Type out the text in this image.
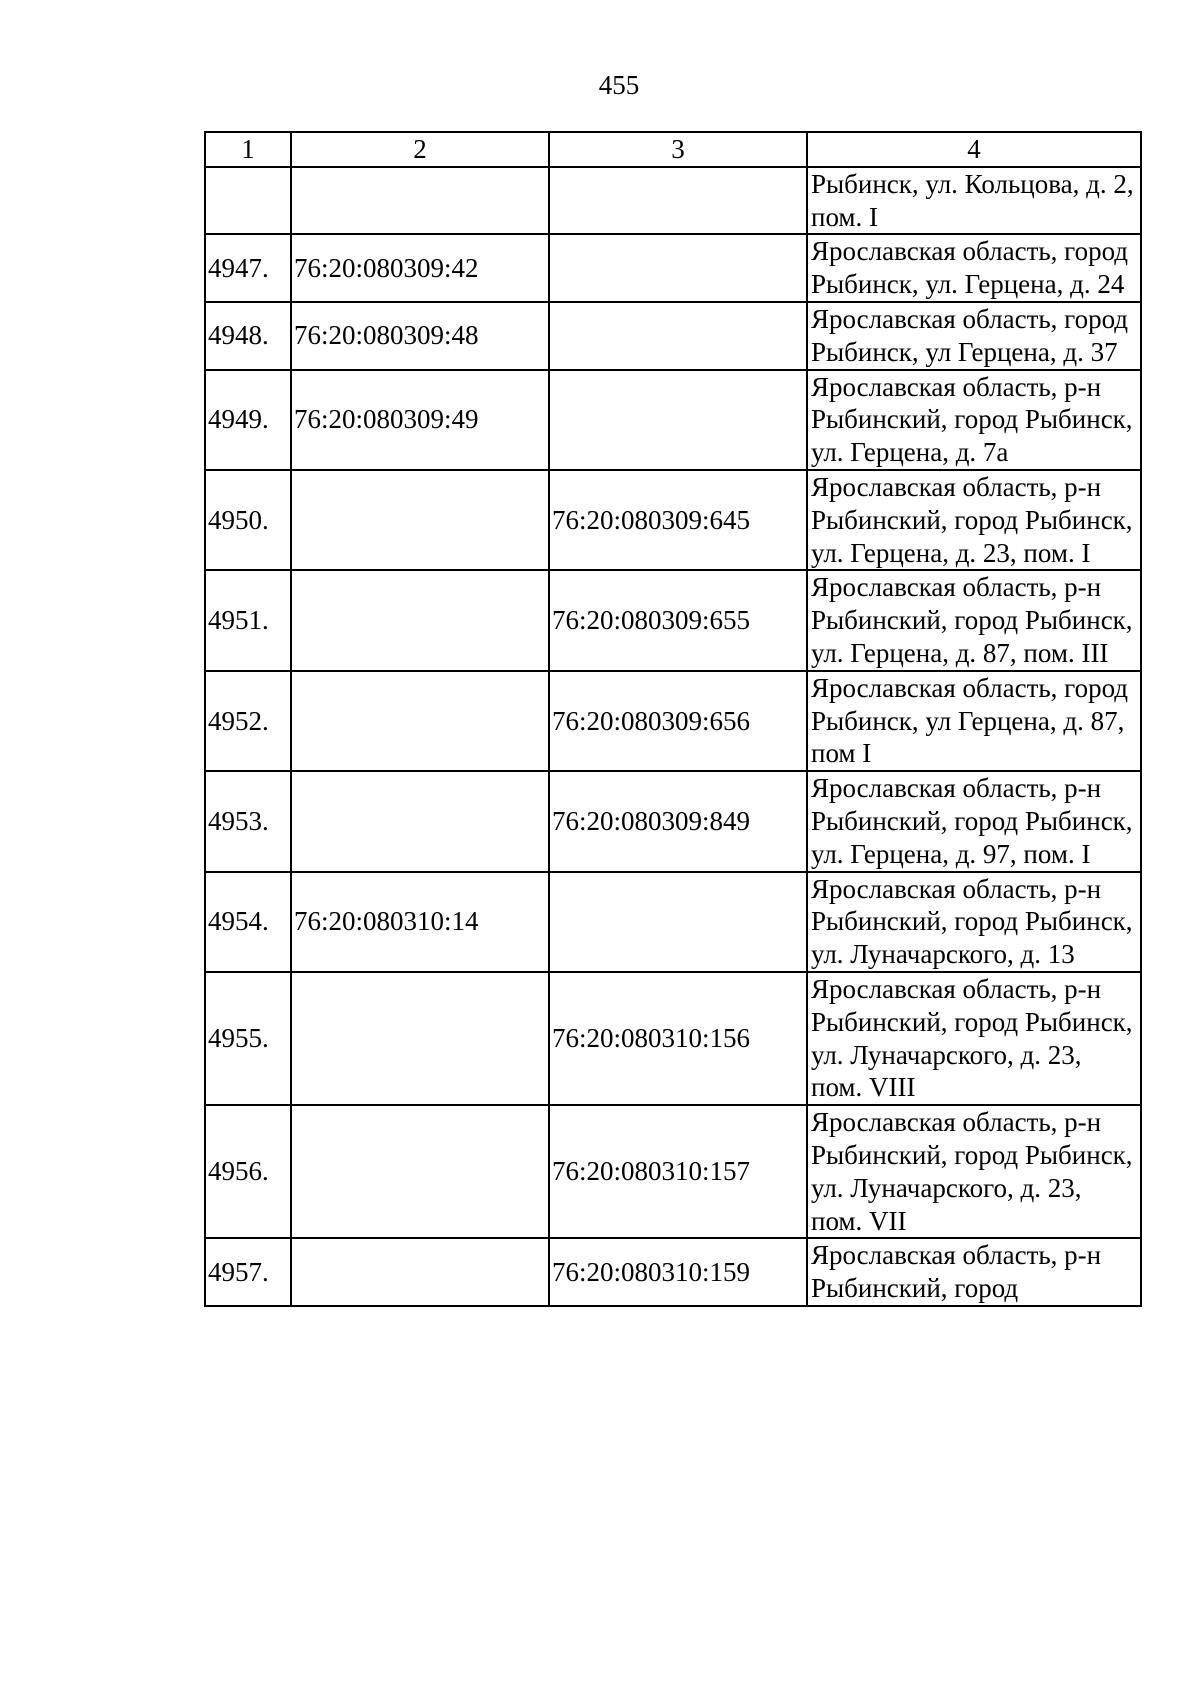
455
1	2	3	4
			Рыбинск, ул. Кольцова, д. 2, пом. I
4947.	76:20:080309:42		Ярославская область, город Рыбинск, ул. Герцена, д. 24
4948.	76:20:080309:48		Ярославская область, город Рыбинск, ул Герцена, д. 37
4949.	76:20:080309:49		Ярославская область, р-н Рыбинский, город Рыбинск, ул. Герцена, д. 7а
4950.		76:20:080309:645	Ярославская область, р-н Рыбинский, город Рыбинск, ул. Герцена, д. 23, пом. I
4951.		76:20:080309:655	Ярославская область, р-н Рыбинский, город Рыбинск, ул. Герцена, д. 87, пом. III
4952.		76:20:080309:656	Ярославская область, город Рыбинск, ул Герцена, д. 87, пом I
4953.		76:20:080309:849	Ярославская область, р-н Рыбинский, город Рыбинск, ул. Герцена, д. 97, пом. I
4954.	76:20:080310:14		Ярославская область, р-н Рыбинский, город Рыбинск, ул. Луначарского, д. 13
4955.		76:20:080310:156	Ярославская область, р-н Рыбинский, город Рыбинск, ул. Луначарского, д. 23, пом. VIII
4956.		76:20:080310:157	Ярославская область, р-н Рыбинский, город Рыбинск, ул. Луначарского, д. 23, пом. VII
4957.		76:20:080310:159	Ярославская область, р-н Рыбинский, город
